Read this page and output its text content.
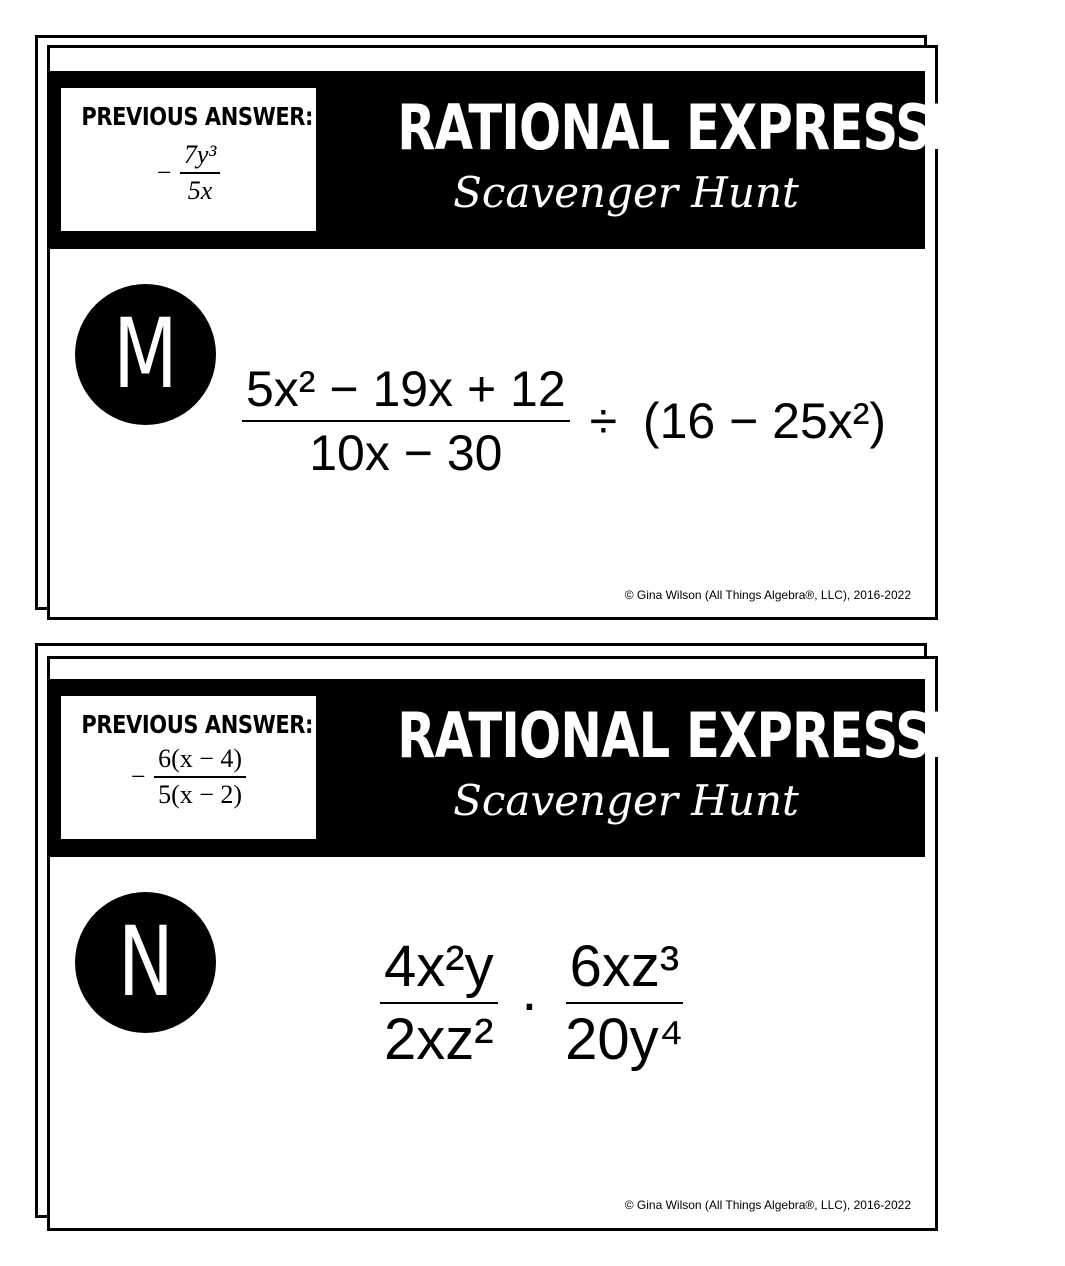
PREVIOUS ANSWER:
− $\frac{\text{7y³}}{5x}$
RATIONAL EXPRESSIONS
Scavenger Hunt
M
$\frac{\text{5x² − 19x + 12}}{10x - 30} \div (16 - 25x^2)$
© Gina Wilson (All Things Algebra®, LLC), 2016-2022
PREVIOUS ANSWER:
− $\frac{6(x - 4)}{5(x - 2)}$
RATIONAL EXPRESSIONS
Scavenger Hunt
N	$\frac{\text{4x²y}}{\text{2xz²}} \cdot \frac{\text{6xz³}}{\text{20y⁴}}$
© Gina Wilson (All Things Algebra®, LLC), 2016-2022
